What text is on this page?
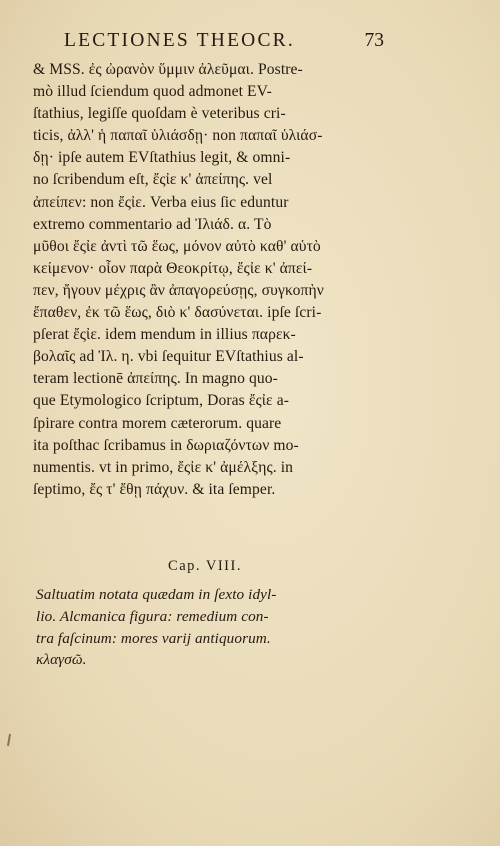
LECTIONES THEOCR.	73
& MSS. ἐς ὠρανὸν ὕμμιν ἀλεῦμαι. Postre-
mò illud ſciendum quod admonet EV-
ſtathius, legiſſe quoſdam è veteribus cri-
ticis, ἀλλ' ἡ παπαῖ ὑλιάσδῃ· non παπαῖ ὑλιάσ-
δῃ· ipſe autem EVſtathius legit, & omni-
no ſcribendum eſt, ἔςἰε κ' ἀπείπης. vel
ἀπείπεν: non ἔςἰε. Verba eius ſic eduntur
extremo commentario ad Ἰλιάδ. α. Τὸ
μῦθοι ἔςἰε ἀντὶ τῶ ἕως, μόνον αὐτὸ καθ' αὑτὸ
κείμενον· οἷον παρὰ Θεοκρίτῳ, ἔςἰε κ' ἀπεί-
πεν, ἤγουν μέχρις ἂν ἀπαγορεύσῃς, συγκοπὴν
ἔπαθεν, ἐκ τῶ ἕως, διὸ κ' δασύνεται. ipſe ſcri-
pſerat ἔςἰε. idem mendum in illius παρεκ-
βολαῖς ad Ἰλ. η. vbi ſequitur EVſtathius al-
teram lectionē ἀπείπης. In magno quo-
que Etymologico ſcriptum, Doras ἔςἰε a-
ſpirare contra morem cæterorum. quare
ita poſthac ſcribamus in δωριαζόντων mo-
numentis. vt in primo, ἔςἰε κ' ἀμέλξης. in
ſeptimo, ἔς τ' ἔθῃ πάχυν. & ita ſemper.
Cap. VIII.
Saltuatim notata quædam in ſexto idyl-
lio. Alcmanica figura: remedium con-
tra faſcinum: mores varij antiquorum.
κλαγσῶ.
